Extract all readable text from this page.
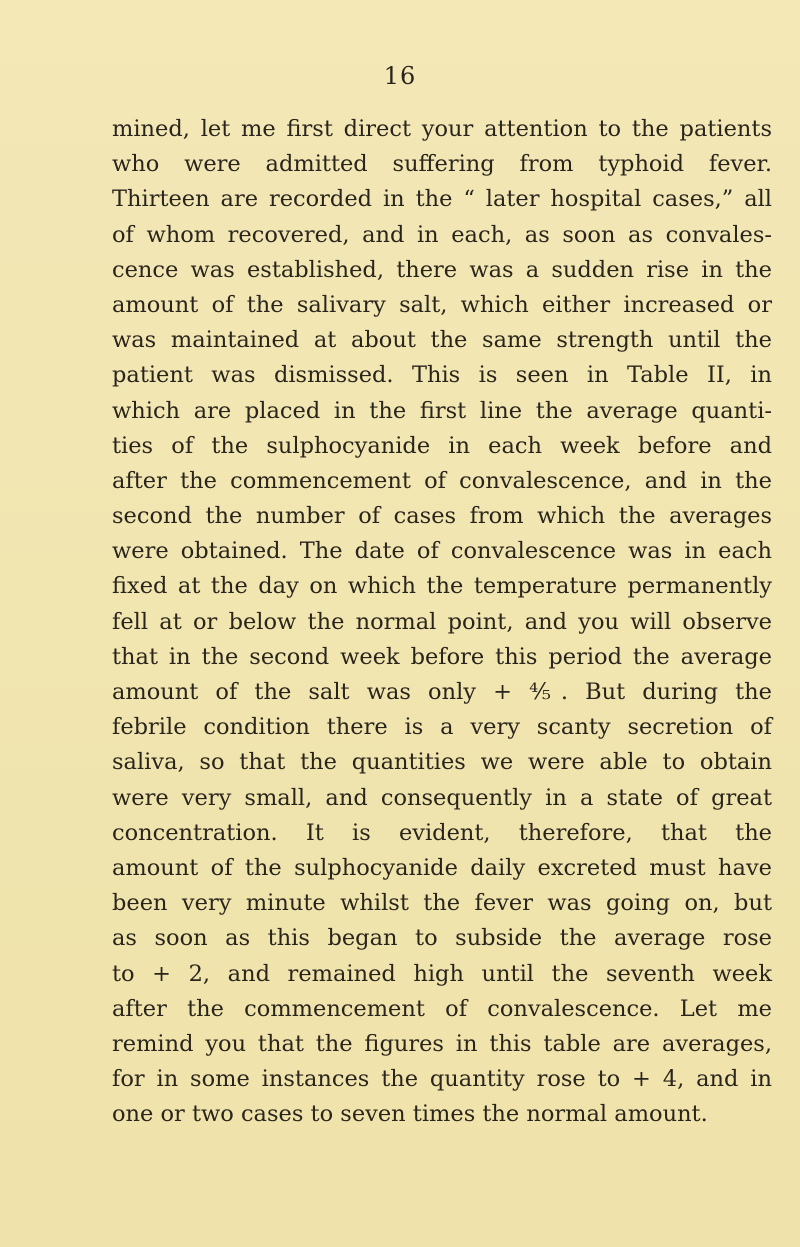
16
mined, let me first direct your attention to the patients
who were admitted suffering from typhoid fever.
Thirteen are recorded in the “ later hospital cases,” all
of whom recovered, and in each, as soon as convales-
cence was established, there was a sudden rise in the
amount of the salivary salt, which either increased or
was maintained at about the same strength until the
patient was dismissed. This is seen in Table II, in
which are placed in the first line the average quanti-
ties of the sulphocyanide in each week before and
after the commencement of convalescence, and in the
second the number of cases from which the averages
were obtained. The date of convalescence was in each
fixed at the day on which the temperature permanently
fell at or below the normal point, and you will observe
that in the second week before this period the average
amount of the salt was only + ⅘. But during the
febrile condition there is a very scanty secretion of
saliva, so that the quantities we were able to obtain
were very small, and consequently in a state of great
concentration. It is evident, therefore, that the
amount of the sulphocyanide daily excreted must have
been very minute whilst the fever was going on, but
as soon as this began to subside the average rose
to + 2, and remained high until the seventh week
after the commencement of convalescence. Let me
remind you that the figures in this table are averages,
for in some instances the quantity rose to + 4, and in
one or two cases to seven times the normal amount.
